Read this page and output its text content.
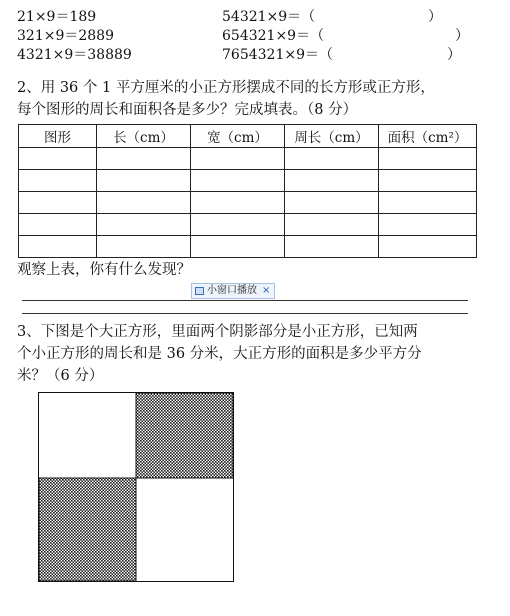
21×9＝189
321×9＝2889
4321×9＝38889
54321×9＝（
654321×9＝（
7654321×9＝（
）
）
）
2、用 36 个 1 平方厘米的小正方形摆成不同的长方形或正方形，
每个图形的周长和面积各是多少？完成填表。（8 分）
图形	长（cm）	宽（cm）	周长（cm）	面积（cm²）

观察上表，你有什么发现？
小窗口播放 ×
3、下图是个大正方形，里面两个阴影部分是小正方形，已知两
个小正方形的周长和是 36 分米，大正方形的面积是多少平方分
米？（6 分）
